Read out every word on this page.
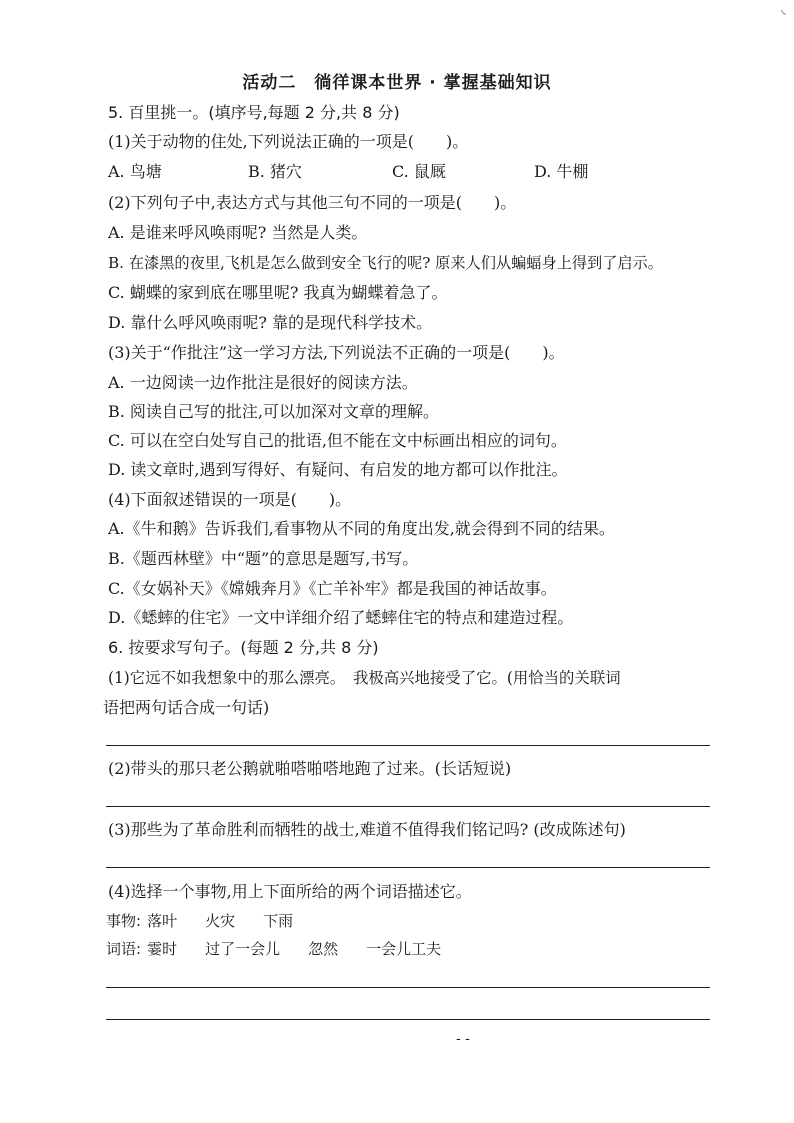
◟
活动二　徜徉课本世界 · 掌握基础知识
5. 百里挑一。(填序号,每题 2 分,共 8 分)
(1)关于动物的住处,下列说法正确的一项是(　　)。
A. 鸟塘	B. 猪穴	C. 鼠厩	D. 牛棚
(2)下列句子中,表达方式与其他三句不同的一项是(　　)。
A. 是谁来呼风唤雨呢? 当然是人类。
B. 在漆黑的夜里,飞机是怎么做到安全飞行的呢? 原来人们从蝙蝠身上得到了启示。
C. 蝴蝶的家到底在哪里呢? 我真为蝴蝶着急了。
D. 靠什么呼风唤雨呢? 靠的是现代科学技术。
(3)关于“作批注”这一学习方法,下列说法不正确的一项是(　　)。
A. 一边阅读一边作批注是很好的阅读方法。
B. 阅读自己写的批注,可以加深对文章的理解。
C. 可以在空白处写自己的批语,但不能在文中标画出相应的词句。
D. 读文章时,遇到写得好、有疑问、有启发的地方都可以作批注。
(4)下面叙述错误的一项是(　　)。
A.《牛和鹅》告诉我们,看事物从不同的角度出发,就会得到不同的结果。
B.《题西林壁》中“题”的意思是题写,书写。
C.《女娲补天》《嫦娥奔月》《亡羊补牢》都是我国的神话故事。
D.《蟋蟀的住宅》一文中详细介绍了蟋蟀住宅的特点和建造过程。
6. 按要求写句子。(每题 2 分,共 8 分)
(1)它远不如我想象中的那么漂亮。　我极高兴地接受了它。(用恰当的关联词
语把两句话合成一句话)
(2)带头的那只老公鹅就啪嗒啪嗒地跑了过来。(长话短说)
(3)那些为了革命胜利而牺牲的战士,难道不值得我们铭记吗? (改成陈述句)
(4)选择一个事物,用上下面所给的两个词语描述它。
事物: 落叶 火灾 下雨
词语: 霎时 过了一会儿 忽然 一会儿工夫
- -
